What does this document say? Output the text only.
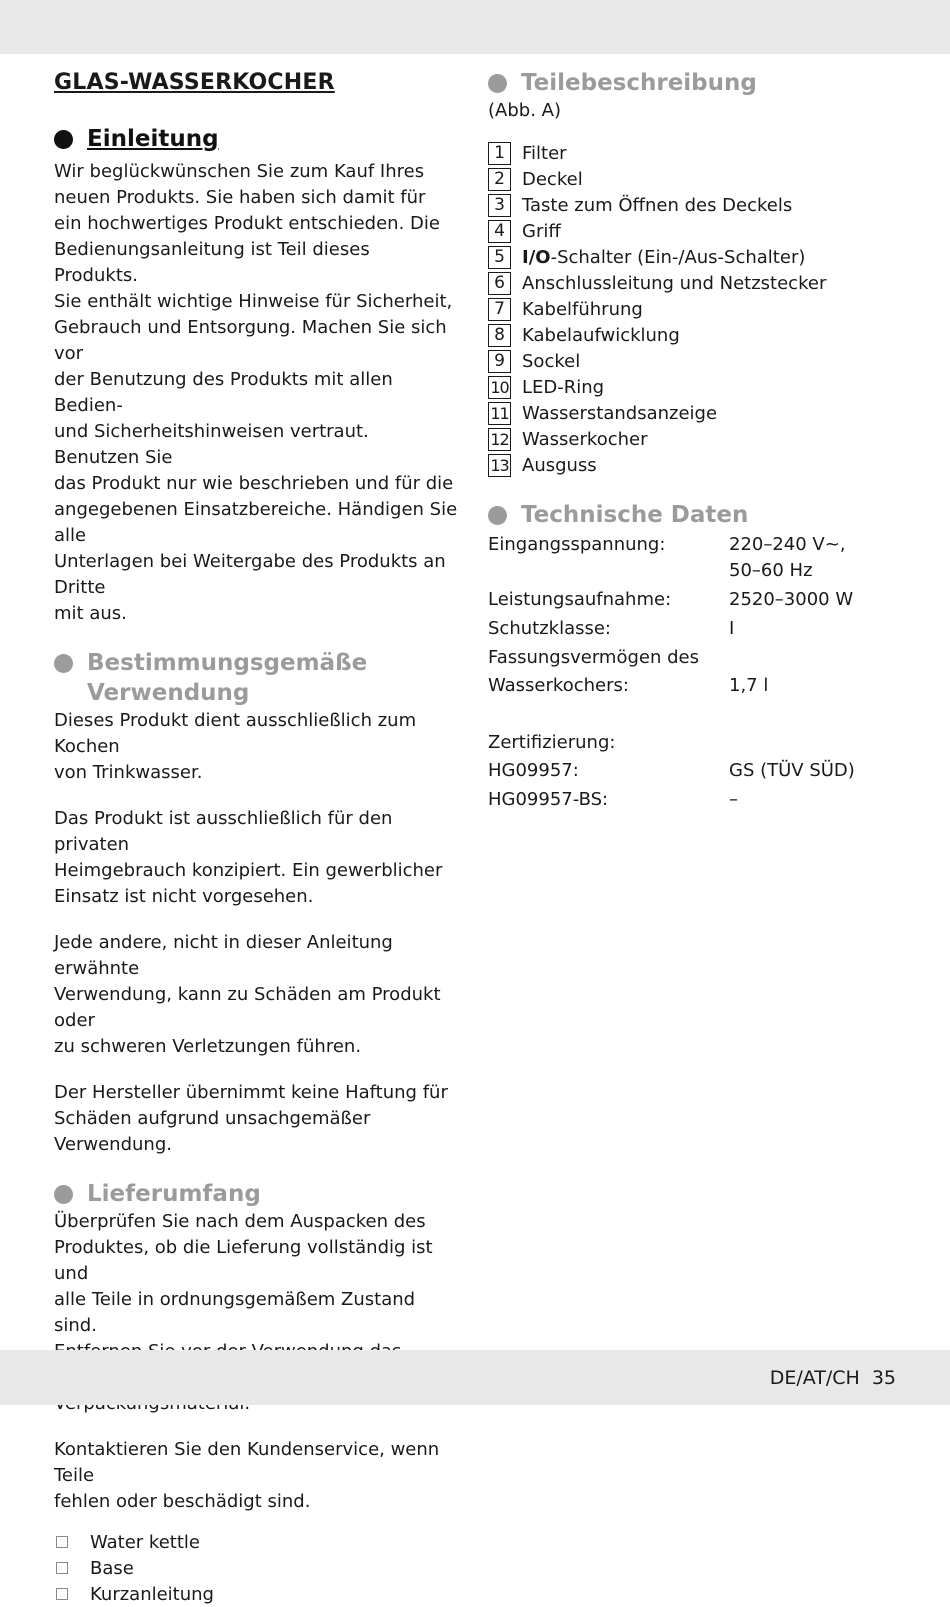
GLAS-WASSERKOCHER
Einleitung
Wir beglückwünschen Sie zum Kauf Ihres
neuen Produkts. Sie haben sich damit für
ein hochwertiges Produkt entschieden. Die
Bedienungsanleitung ist Teil dieses Produkts.
Sie enthält wichtige Hinweise für Sicherheit,
Gebrauch und Entsorgung. Machen Sie sich vor
der Benutzung des Produkts mit allen Bedien-
und Sicherheitshinweisen vertraut. Benutzen Sie
das Produkt nur wie beschrieben und für die
angegebenen Einsatzbereiche. Händigen Sie alle
Unterlagen bei Weitergabe des Produkts an Dritte
mit aus.
Bestimmungsgemäße
Verwendung
Dieses Produkt dient ausschließlich zum Kochen
von Trinkwasser.
Das Produkt ist ausschließlich für den privaten
Heimgebrauch konzipiert. Ein gewerblicher
Einsatz ist nicht vorgesehen.
Jede andere, nicht in dieser Anleitung erwähnte
Verwendung, kann zu Schäden am Produkt oder
zu schweren Verletzungen führen.
Der Hersteller übernimmt keine Haftung für
Schäden aufgrund unsachgemäßer Verwendung.
Lieferumfang
Überprüfen Sie nach dem Auspacken des
Produktes, ob die Lieferung vollständig ist und
alle Teile in ordnungsgemäßem Zustand sind.
Kontaktieren Sie den Kundenservice, wenn Teile
fehlen oder beschädigt sind.
Water kettle
Base
Kurzanleitung
Teilebeschreibung
(Abb. A)
1 Filter
2 Deckel
3 Taste zum Öffnen des Deckels
4 Griff
5 I/O -Schalter (Ein-/Aus-Schalter)
6 Anschlussleitung und Netzstecker
7 Kabelführung
8 Kabelaufwicklung
9 Sockel
10 LED-Ring
11 Wasserstandsanzeige
12 Wasserkocher
13 Ausguss
Technische Daten
Eingangsspannung:	220–240 V~,
50–60 Hz
Leistungsaufnahme:	2520–3000 W
Schutzklasse:	I
Fassungsvermögen des
Wasserkochers:	1,7 l
Zertifizierung:
HG09957:	GS (TÜV SÜD)
HG09957-BS:	–
DE/AT/CH 35
